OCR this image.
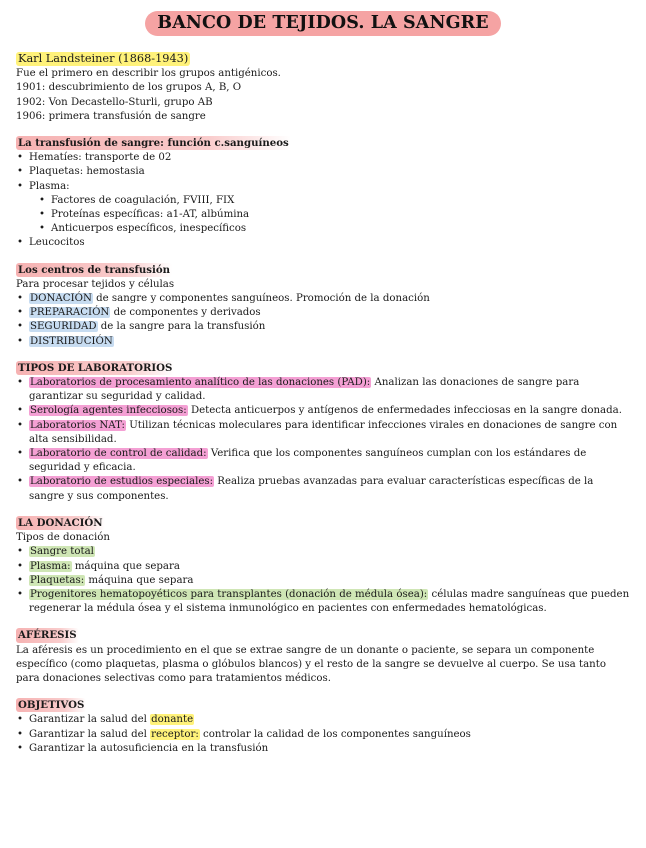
BANCO DE TEJIDOS. LA SANGRE
Karl Landsteiner (1868-1943)
Fue el primero en describir los grupos antigénicos.
1901: descubrimiento de los grupos A, B, O
1902: Von Decastello-Sturli, grupo AB
1906: primera transfusión de sangre
La transfusión de sangre: función c.sanguíneos
• Hematíes: transporte de 02
• Plaquetas: hemostasia
• Plasma:
• Factores de coagulación, FVIII, FIX
• Proteínas específicas: a1-AT, albúmina
• Anticuerpos específicos, inespecíficos
• Leucocitos
Los centros de transfusión
Para procesar tejidos y células
• DONACIÓN de sangre y componentes sanguíneos. Promoción de la donación
• PREPARACIÓN de componentes y derivados
• SEGURIDAD de la sangre para la transfusión
• DISTRIBUCIÓN
TIPOS DE LABORATORIOS
• Laboratorios de procesamiento analítico de las donaciones (PAD): Analizan las donaciones de sangre para garantizar su seguridad y calidad.
• Serología agentes infecciosos: Detecta anticuerpos y antígenos de enfermedades infecciosas en la sangre donada.
• Laboratorios NAT: Utilizan técnicas moleculares para identificar infecciones virales en donaciones de sangre con alta sensibilidad.
• Laboratorio de control de calidad: Verifica que los componentes sanguíneos cumplan con los estándares de seguridad y eficacia.
• Laboratorio de estudios especiales: Realiza pruebas avanzadas para evaluar características específicas de la sangre y sus componentes.
LA DONACIÓN
Tipos de donación
• Sangre total
• Plasma: máquina que separa
• Plaquetas: máquina que separa
• Progenitores hematopoyéticos para transplantes (donación de médula ósea): células madre sanguíneas que pueden regenerar la médula ósea y el sistema inmunológico en pacientes con enfermedades hematológicas.
AFÉRESIS
La aféresis es un procedimiento en el que se extrae sangre de un donante o paciente, se separa un componente específico (como plaquetas, plasma o glóbulos blancos) y el resto de la sangre se devuelve al cuerpo. Se usa tanto para donaciones selectivas como para tratamientos médicos.
OBJETIVOS
• Garantizar la salud del donante
• Garantizar la salud del receptor: controlar la calidad de los componentes sanguíneos
• Garantizar la autosuficiencia en la transfusión
